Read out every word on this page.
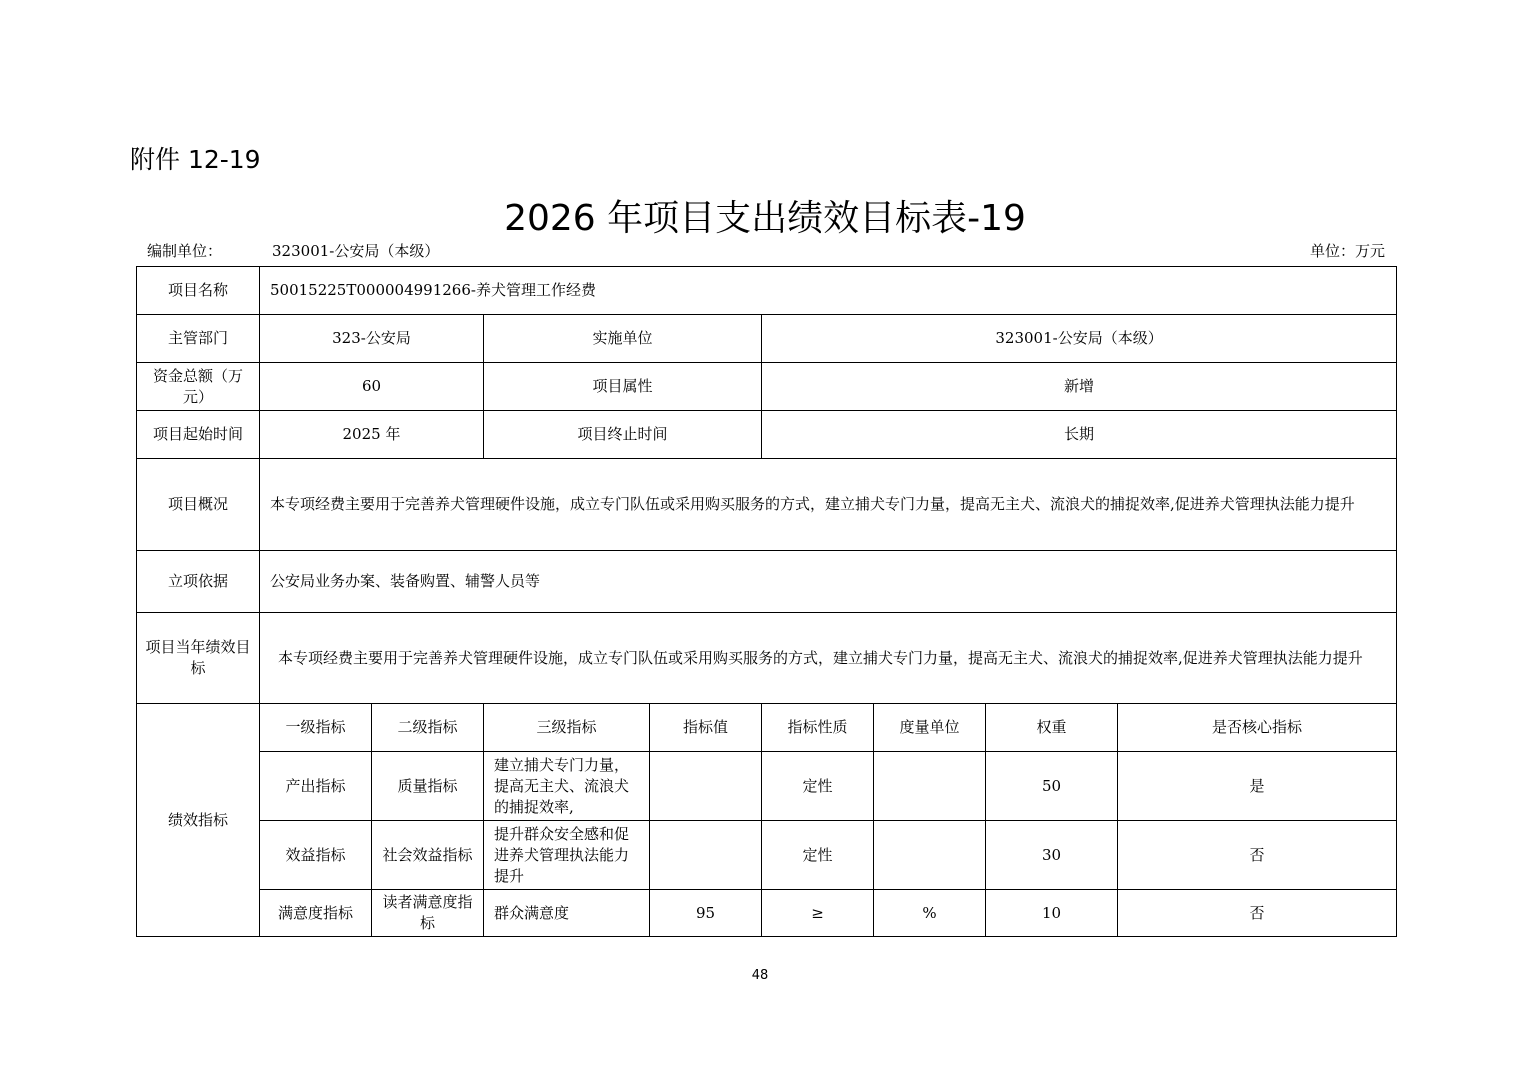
附件 12-19
2026 年项目支出绩效目标表-19
编制单位：	323001-公安局（本级）	单位：万元
项目名称	50015225T000004991266-养犬管理工作经费							
主管部门	323-公安局		实施单位		323001-公安局（本级）			
资金总额（万元）	60		项目属性		新增			
项目起始时间	2025 年		项目终止时间		长期			
项目概况	本专项经费主要用于完善养犬管理硬件设施，成立专门队伍或采用购买服务的方式，建立捕犬专门力量，提高无主犬、流浪犬的捕捉效率,促进养犬管理执法能力提升							
立项依据	公安局业务办案、装备购置、辅警人员等							
项目当年绩效目标	本专项经费主要用于完善养犬管理硬件设施，成立专门队伍或采用购买服务的方式，建立捕犬专门力量，提高无主犬、流浪犬的捕捉效率,促进养犬管理执法能力提升							
绩效指标	一级指标	二级指标	三级指标	指标值	指标性质	度量单位	权重	是否核心指标
	产出指标	质量指标	建立捕犬专门力量，提高无主犬、流浪犬的捕捉效率,		定性		50	是
	效益指标	社会效益指标	提升群众安全感和促进养犬管理执法能力提升		定性		30	否
	满意度指标	读者满意度指标	群众满意度	95	≥	%	10	否
48
